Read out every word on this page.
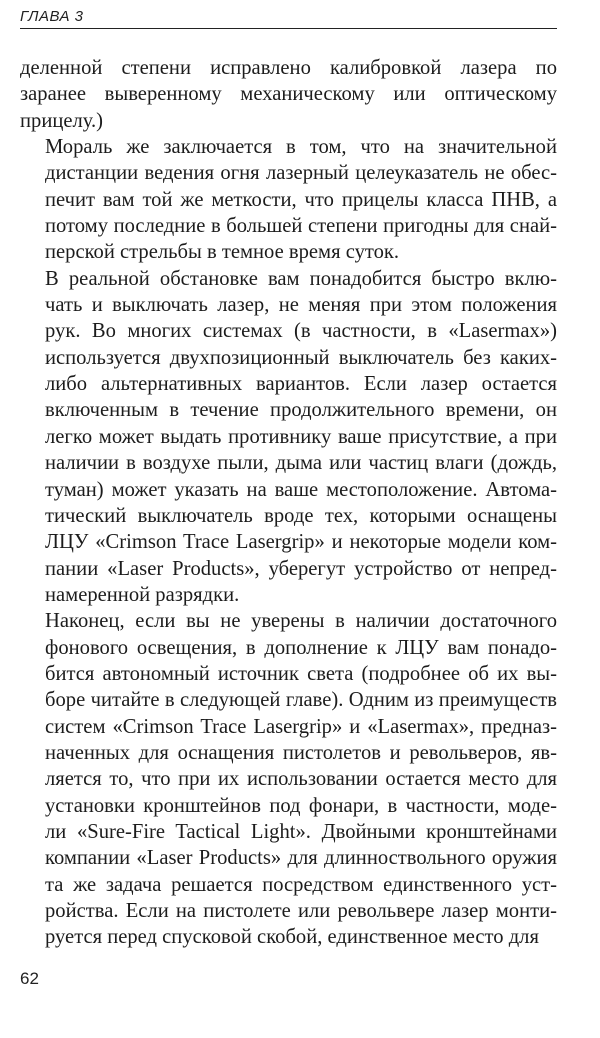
ГЛАВА 3

деленной степени исправлено калибровкой лазера по
заранее выверенному механическому или оптическому
прицелу.)

Мораль же заключается в том, что на значительной
дистанции ведения огня лазерный целеуказатель не обес-
печит вам той же меткости, что прицелы класса ПНВ, а
потому последние в большей степени пригодны для снай-
перской стрельбы в темное время суток.

В реальной обстановке вам понадобится быстро вклю-
чать и выключать лазер, не меняя при этом положения
рук. Во многих системах (в частности, в «Lasermax»)
используется двухпозиционный выключатель без каких-
либо альтернативных вариантов. Если лазер остается
включенным в течение продолжительного времени, он
легко может выдать противнику ваше присутствие, а при
наличии в воздухе пыли, дыма или частиц влаги (дождь,
туман) может указать на ваше местоположение. Автома-
тический выключатель вроде тех, которыми оснащены
ЛЦУ «Crimson Trace Lasergrip» и некоторые модели ком-
пании «Laser Products», уберегут устройство от непред-
намеренной разрядки.

Наконец, если вы не уверены в наличии достаточного
фонового освещения, в дополнение к ЛЦУ вам понадо-
бится автономный источник света (подробнее об их вы-
боре читайте в следующей главе). Одним из преимуществ
систем «Crimson Trace Lasergrip» и «Lasermax», предназ-
наченных для оснащения пистолетов и револьверов, яв-
ляется то, что при их использовании остается место для
установки кронштейнов под фонари, в частности, моде-
ли «Sure-Fire Tactical Light». Двойными кронштейнами
компании «Laser Products» для длинноствольного оружия
та же задача решается посредством единственного уст-
ройства. Если на пистолете или револьвере лазер монти-
руется перед спусковой скобой, единственное место для

62
